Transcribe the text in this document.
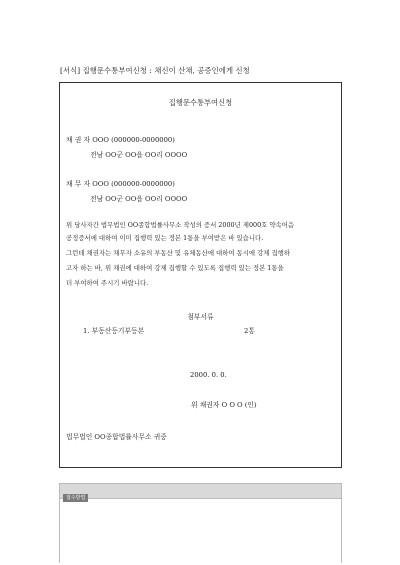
[서식] 집행문수통부여신청 : 채신이 산채, 공증인에게 신청
집행문수통부여신청
채 권 자 OOO (000000-0000000)
전남 OO군 OO읍 OO리 OOOO
채 무 자 OOO (000000-0000000)
전남 OO군 OO읍 OO리 OOOO
위 당사자간 법무법인 OO종합법률사무소 작성의 증서 2000년 제000호 약속어음
공정증서에 대하여 이미 집행력 있는 정본 1통을 부여받은 바 있습니다.
그런데 채권자는 채무자 소유의 부동산 및 유체동산에 대하여 동시에 강제 집행하
고자 하는 바, 위 채권에 대하여 강제 집행할 수 있도록 집행력 있는 정본 1통을
더 부여하여 주시기 바랍니다.
첨부서류
1. 부동산등기부등본	2통
2000. 0. 0.
위 채권자 O O O (인)
법무법인 OO종합법률사무소 귀중
접수방법
